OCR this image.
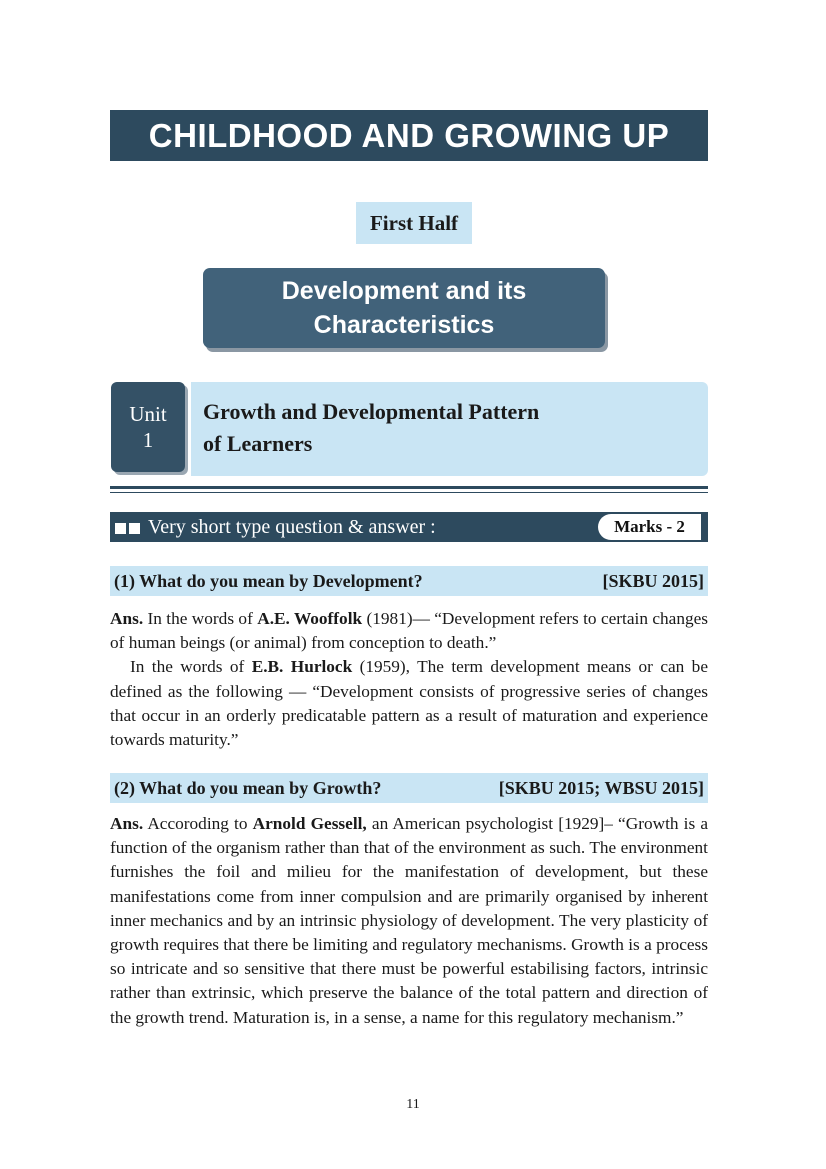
CHILDHOOD AND GROWING UP
First Half
Development and its
Characteristics
Unit
1
Growth and Developmental Pattern
of Learners
Very short type question & answer :	Marks - 2
(1) What do you mean by Development?	[SKBU 2015]

Ans. In the words of A.E. Wooffolk (1981)— “Development refers to certain changes of human beings (or animal) from conception to death.”

In the words of E.B. Hurlock (1959), The term development means or can be defined as the following — “Development consists of progressive series of changes that occur in an orderly predicatable pattern as a result of maturation and experience towards maturity.”

(2) What do you mean by Growth?	[SKBU 2015; WBSU 2015]

Ans. Accoroding to Arnold Gessell, an American psychologist [1929]– “Growth is a function of the organism rather than that of the environment as such. The environment furnishes the foil and milieu for the manifestation of development, but these manifestations come from inner compulsion and are primarily organised by inherent inner mechanics and by an intrinsic physiology of development. The very plasticity of growth requires that there be limiting and regulatory mechanisms. Growth is a process so intricate and so sensitive that there must be powerful estabilising factors, intrinsic rather than extrinsic, which preserve the balance of the total pattern and direction of the growth trend. Maturation is, in a sense, a name for this regulatory mechanism.”

11
